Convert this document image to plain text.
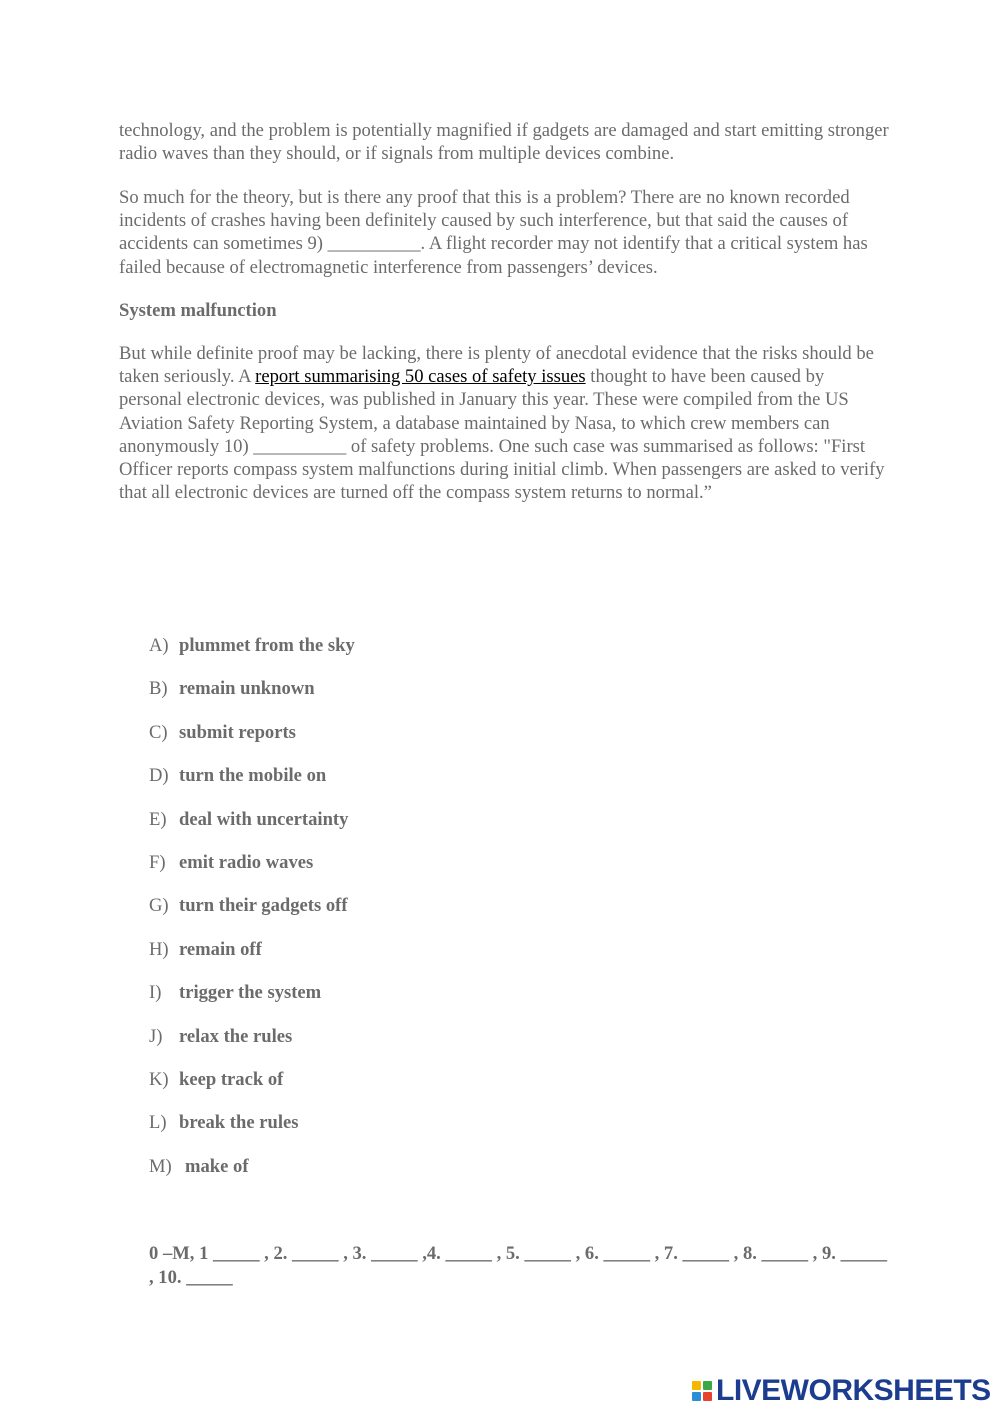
technology, and the problem is potentially magnified if gadgets are damaged and start emitting stronger radio waves than they should, or if signals from multiple devices combine.

So much for the theory, but is there any proof that this is a problem? There are no known recorded incidents of crashes having been definitely caused by such interference, but that said the causes of accidents can sometimes 9) __________. A flight recorder may not identify that a critical system has failed because of electromagnetic interference from passengers’ devices.

System malfunction

But while definite proof may be lacking, there is plenty of anecdotal evidence that the risks should be taken seriously. A report summarising 50 cases of safety issues thought to have been caused by personal electronic devices, was published in January this year. These were compiled from the US Aviation Safety Reporting System, a database maintained by Nasa, to which crew members can anonymously 10) __________ of safety problems. One such case was summarised as follows: "First Officer reports compass system malfunctions during initial climb. When passengers are asked to verify that all electronic devices are turned off the compass system returns to normal.”

A) plummet from the sky
B) remain unknown
C) submit reports
D) turn the mobile on
E) deal with uncertainty
F) emit radio waves
G) turn their gadgets off
H) remain off
I) trigger the system
J) relax the rules
K) keep track of
L) break the rules
M) make of

0 –M, 1 _____ , 2. _____ , 3. _____ ,4. _____ , 5. _____ , 6. _____ , 7. _____ , 8. _____ , 9. _____ , 10. _____

LIVEWORKSHEETS
